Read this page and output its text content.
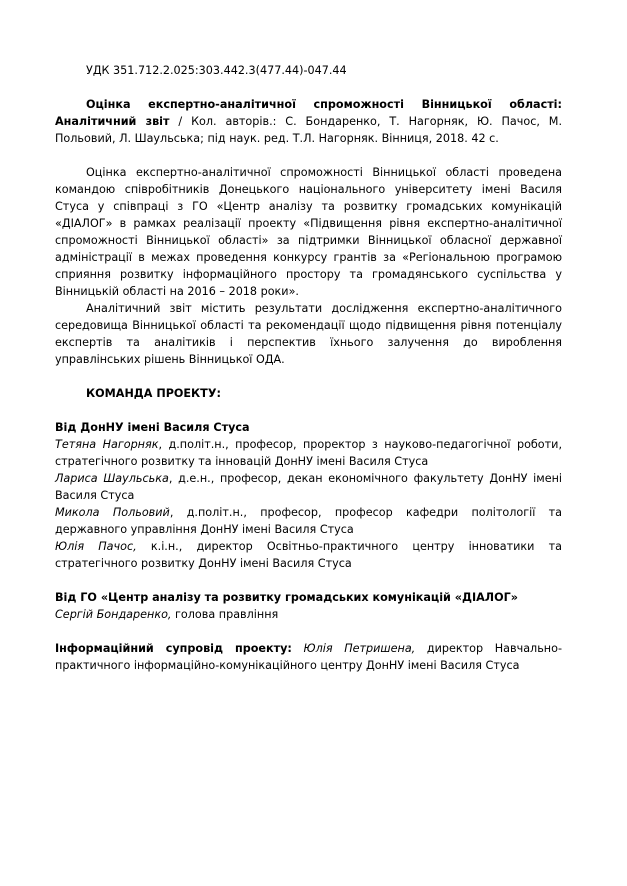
УДК 351.712.2.025:303.442.3(477.44)-047.44

Оцінка експертно-аналітичної спроможності Вінницької області: Аналітичний звіт / Кол. авторів.: С. Бондаренко, Т. Нагорняк, Ю. Пачос, М. Польовий, Л. Шаульська; під наук. ред. Т.Л. Нагорняк. Вінниця, 2018. 42 с.

Оцінка експертно-аналітичної спроможності Вінницької області проведена командою співробітників Донецького національного університету імені Василя Стуса у співпраці з ГО «Центр аналізу та розвитку громадських комунікацій «ДІАЛОГ» в рамках реалізації проекту «Підвищення рівня експертно-аналітичної спроможності Вінницької області» за підтримки Вінницької обласної державної адміністрації в межах проведення конкурсу грантів за «Регіональною програмою сприяння розвитку інформаційного простору та громадянського суспільства у Вінницькій області на 2016 – 2018 роки».

Аналітичний звіт містить результати дослідження експертно-аналітичного середовища Вінницької області та рекомендації щодо підвищення рівня потенціалу експертів та аналітиків і перспектив їхнього залучення до вироблення управлінських рішень Вінницької ОДА.

КОМАНДА ПРОЕКТУ:

Від ДонНУ імені Василя Стуса

Тетяна Нагорняк, д.політ.н., професор, проректор з науково-педагогічної роботи, стратегічного розвитку та інновацій ДонНУ імені Василя Стуса

Лариса Шаульська, д.е.н., професор, декан економічного факультету ДонНУ імені Василя Стуса

Микола Польовий, д.політ.н., професор, професор кафедри політології та державного управління ДонНУ імені Василя Стуса

Юлія Пачос, к.і.н., директор Освітньо-практичного центру інноватики та стратегічного розвитку ДонНУ імені Василя Стуса

Від ГО «Центр аналізу та розвитку громадських комунікацій «ДІАЛОГ»

Сергій Бондаренко, голова правління

Інформаційний супровід проекту: Юлія Петришена, директор Навчально-практичного інформаційно-комунікаційного центру ДонНУ імені Василя Стуса
